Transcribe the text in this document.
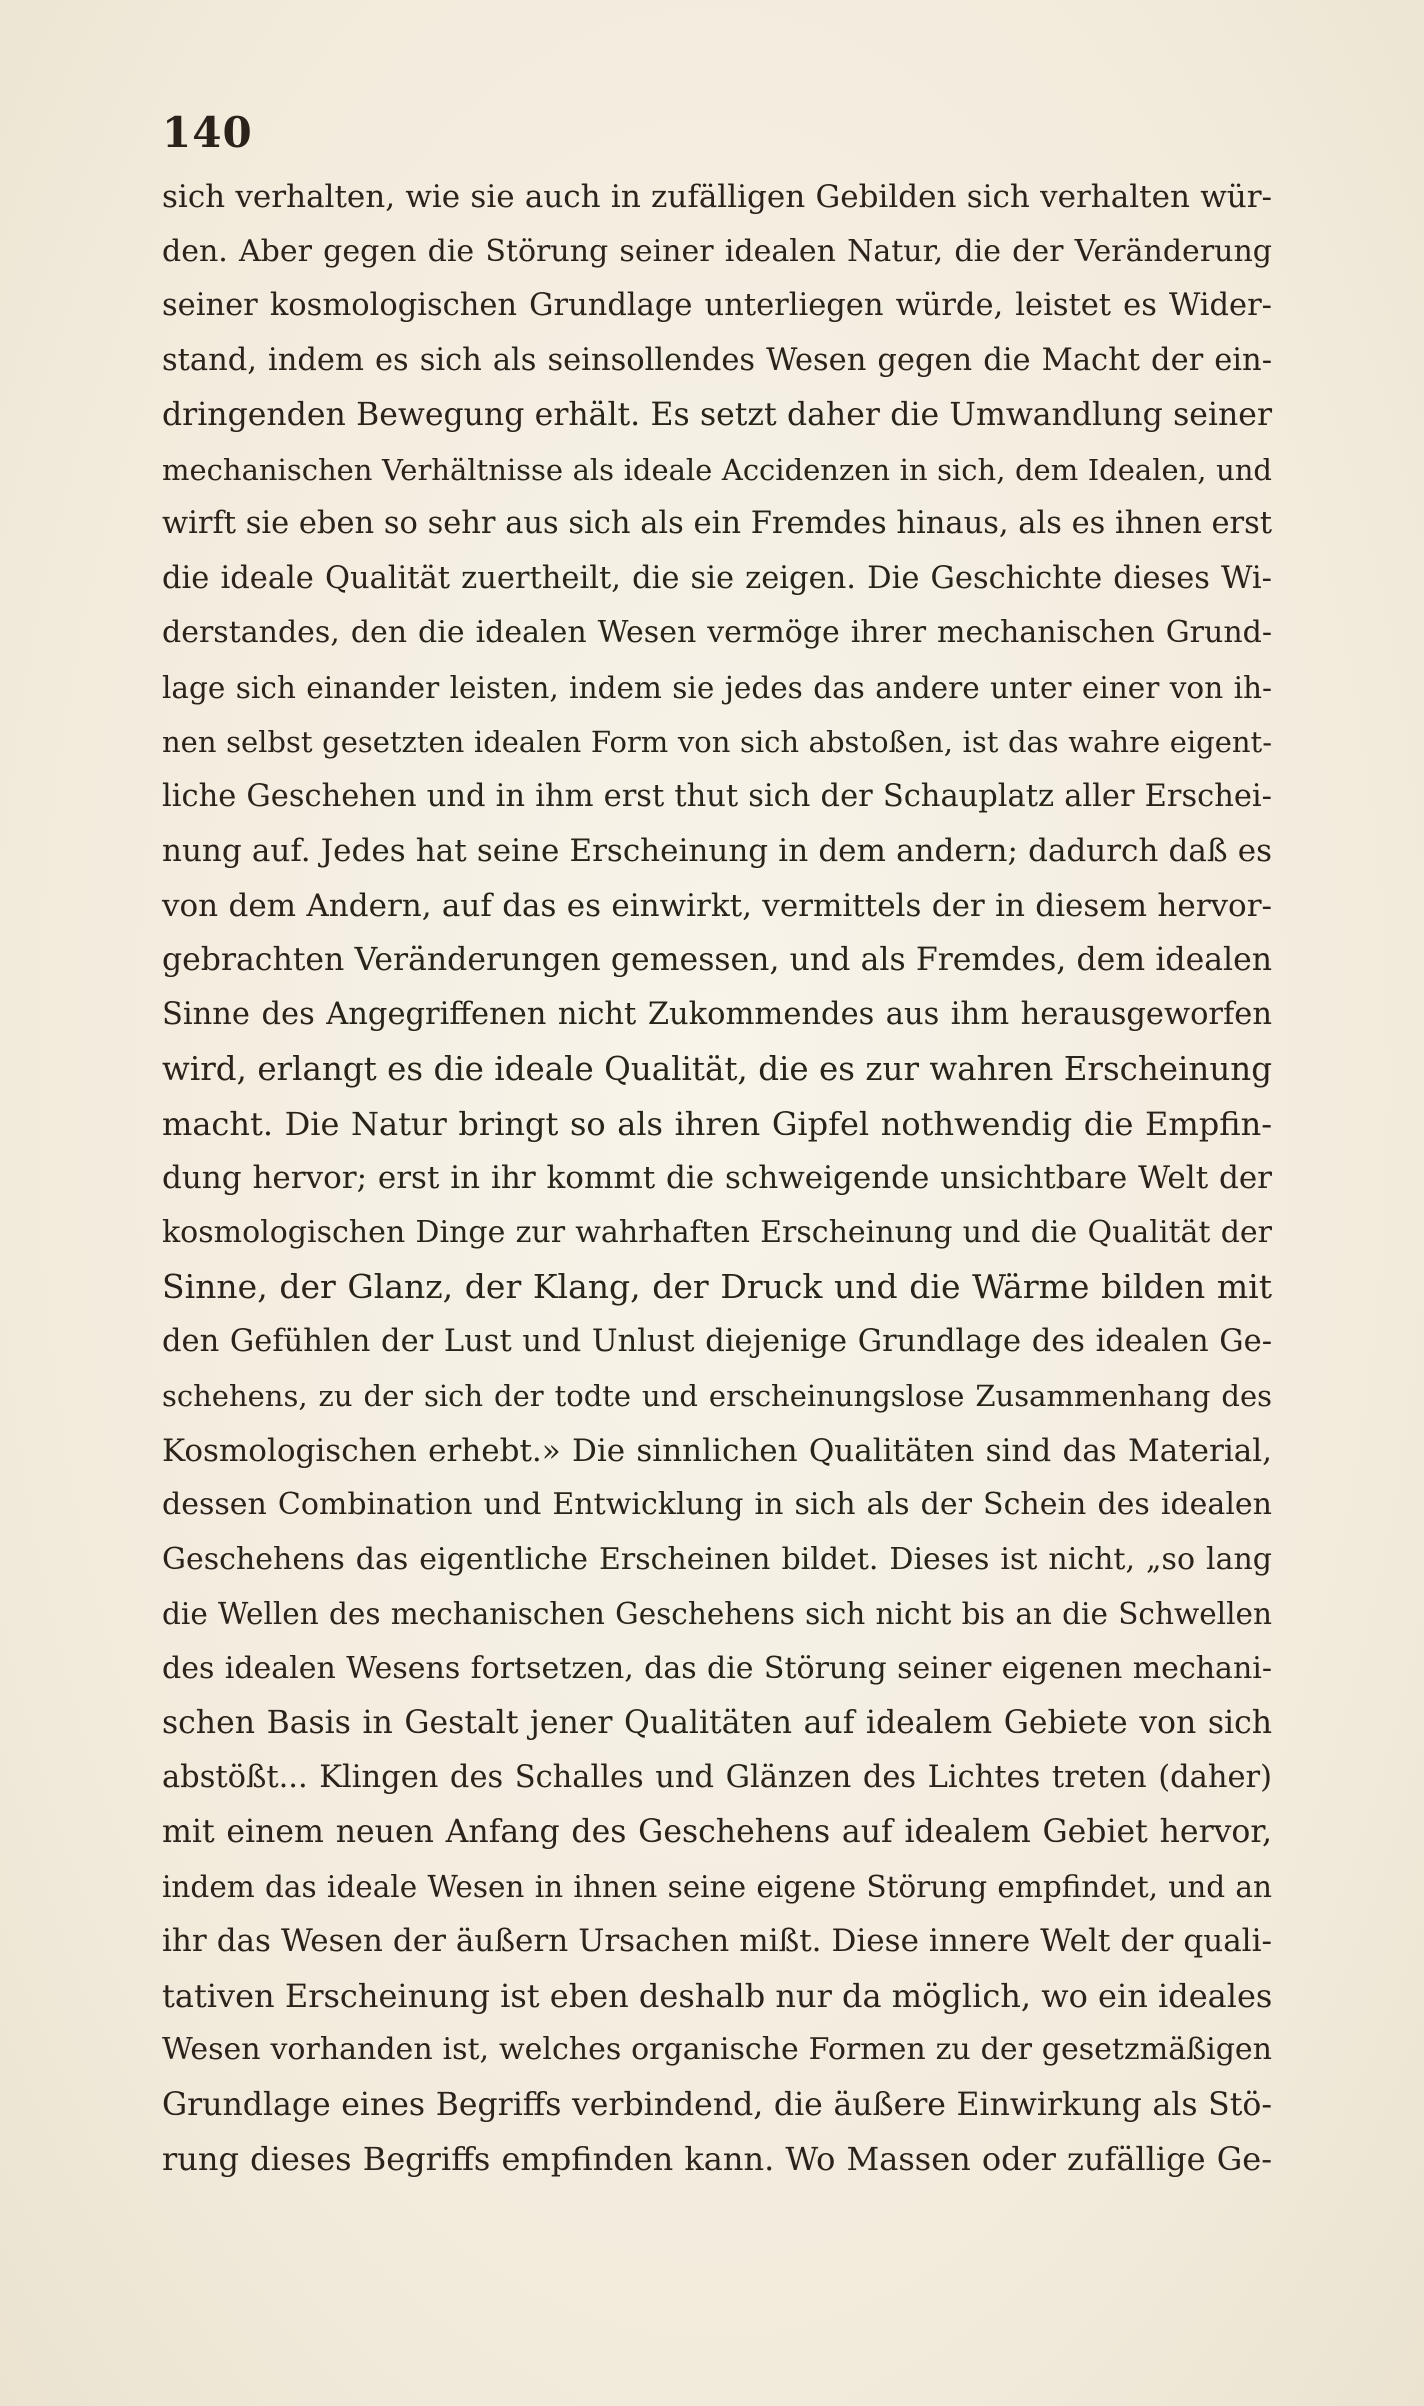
140
sich verhalten, wie sie auch in zufälligen Gebilden sich verhalten wür-
den. Aber gegen die Störung seiner idealen Natur, die der Veränderung
seiner kosmologischen Grundlage unterliegen würde, leistet es Wider-
stand, indem es sich als seinsollendes Wesen gegen die Macht der ein-
dringenden Bewegung erhält. Es setzt daher die Umwandlung seiner
mechanischen Verhältnisse als ideale Accidenzen in sich, dem Idealen, und
wirft sie eben so sehr aus sich als ein Fremdes hinaus, als es ihnen erst
die ideale Qualität zuertheilt, die sie zeigen. Die Geschichte dieses Wi-
derstandes, den die idealen Wesen vermöge ihrer mechanischen Grund-
lage sich einander leisten, indem sie jedes das andere unter einer von ih-
nen selbst gesetzten idealen Form von sich abstoßen, ist das wahre eigent-
liche Geschehen und in ihm erst thut sich der Schauplatz aller Erschei-
nung auf. Jedes hat seine Erscheinung in dem andern; dadurch daß es
von dem Andern, auf das es einwirkt, vermittels der in diesem hervor-
gebrachten Veränderungen gemessen, und als Fremdes, dem idealen
Sinne des Angegriffenen nicht Zukommendes aus ihm herausgeworfen
wird, erlangt es die ideale Qualität, die es zur wahren Erscheinung
macht. Die Natur bringt so als ihren Gipfel nothwendig die Empfin-
dung hervor; erst in ihr kommt die schweigende unsichtbare Welt der
kosmologischen Dinge zur wahrhaften Erscheinung und die Qualität der
Sinne, der Glanz, der Klang, der Druck und die Wärme bilden mit
den Gefühlen der Lust und Unlust diejenige Grundlage des idealen Ge-
schehens, zu der sich der todte und erscheinungslose Zusammenhang des
Kosmologischen erhebt.» Die sinnlichen Qualitäten sind das Material,
dessen Combination und Entwicklung in sich als der Schein des idealen
Geschehens das eigentliche Erscheinen bildet. Dieses ist nicht, „so lang
die Wellen des mechanischen Geschehens sich nicht bis an die Schwellen
des idealen Wesens fortsetzen, das die Störung seiner eigenen mechani-
schen Basis in Gestalt jener Qualitäten auf idealem Gebiete von sich
abstößt... Klingen des Schalles und Glänzen des Lichtes treten (daher)
mit einem neuen Anfang des Geschehens auf idealem Gebiet hervor,
indem das ideale Wesen in ihnen seine eigene Störung empfindet, und an
ihr das Wesen der äußern Ursachen mißt. Diese innere Welt der quali-
tativen Erscheinung ist eben deshalb nur da möglich, wo ein ideales
Wesen vorhanden ist, welches organische Formen zu der gesetzmäßigen
Grundlage eines Begriffs verbindend, die äußere Einwirkung als Stö-
rung dieses Begriffs empfinden kann. Wo Massen oder zufällige Ge-
